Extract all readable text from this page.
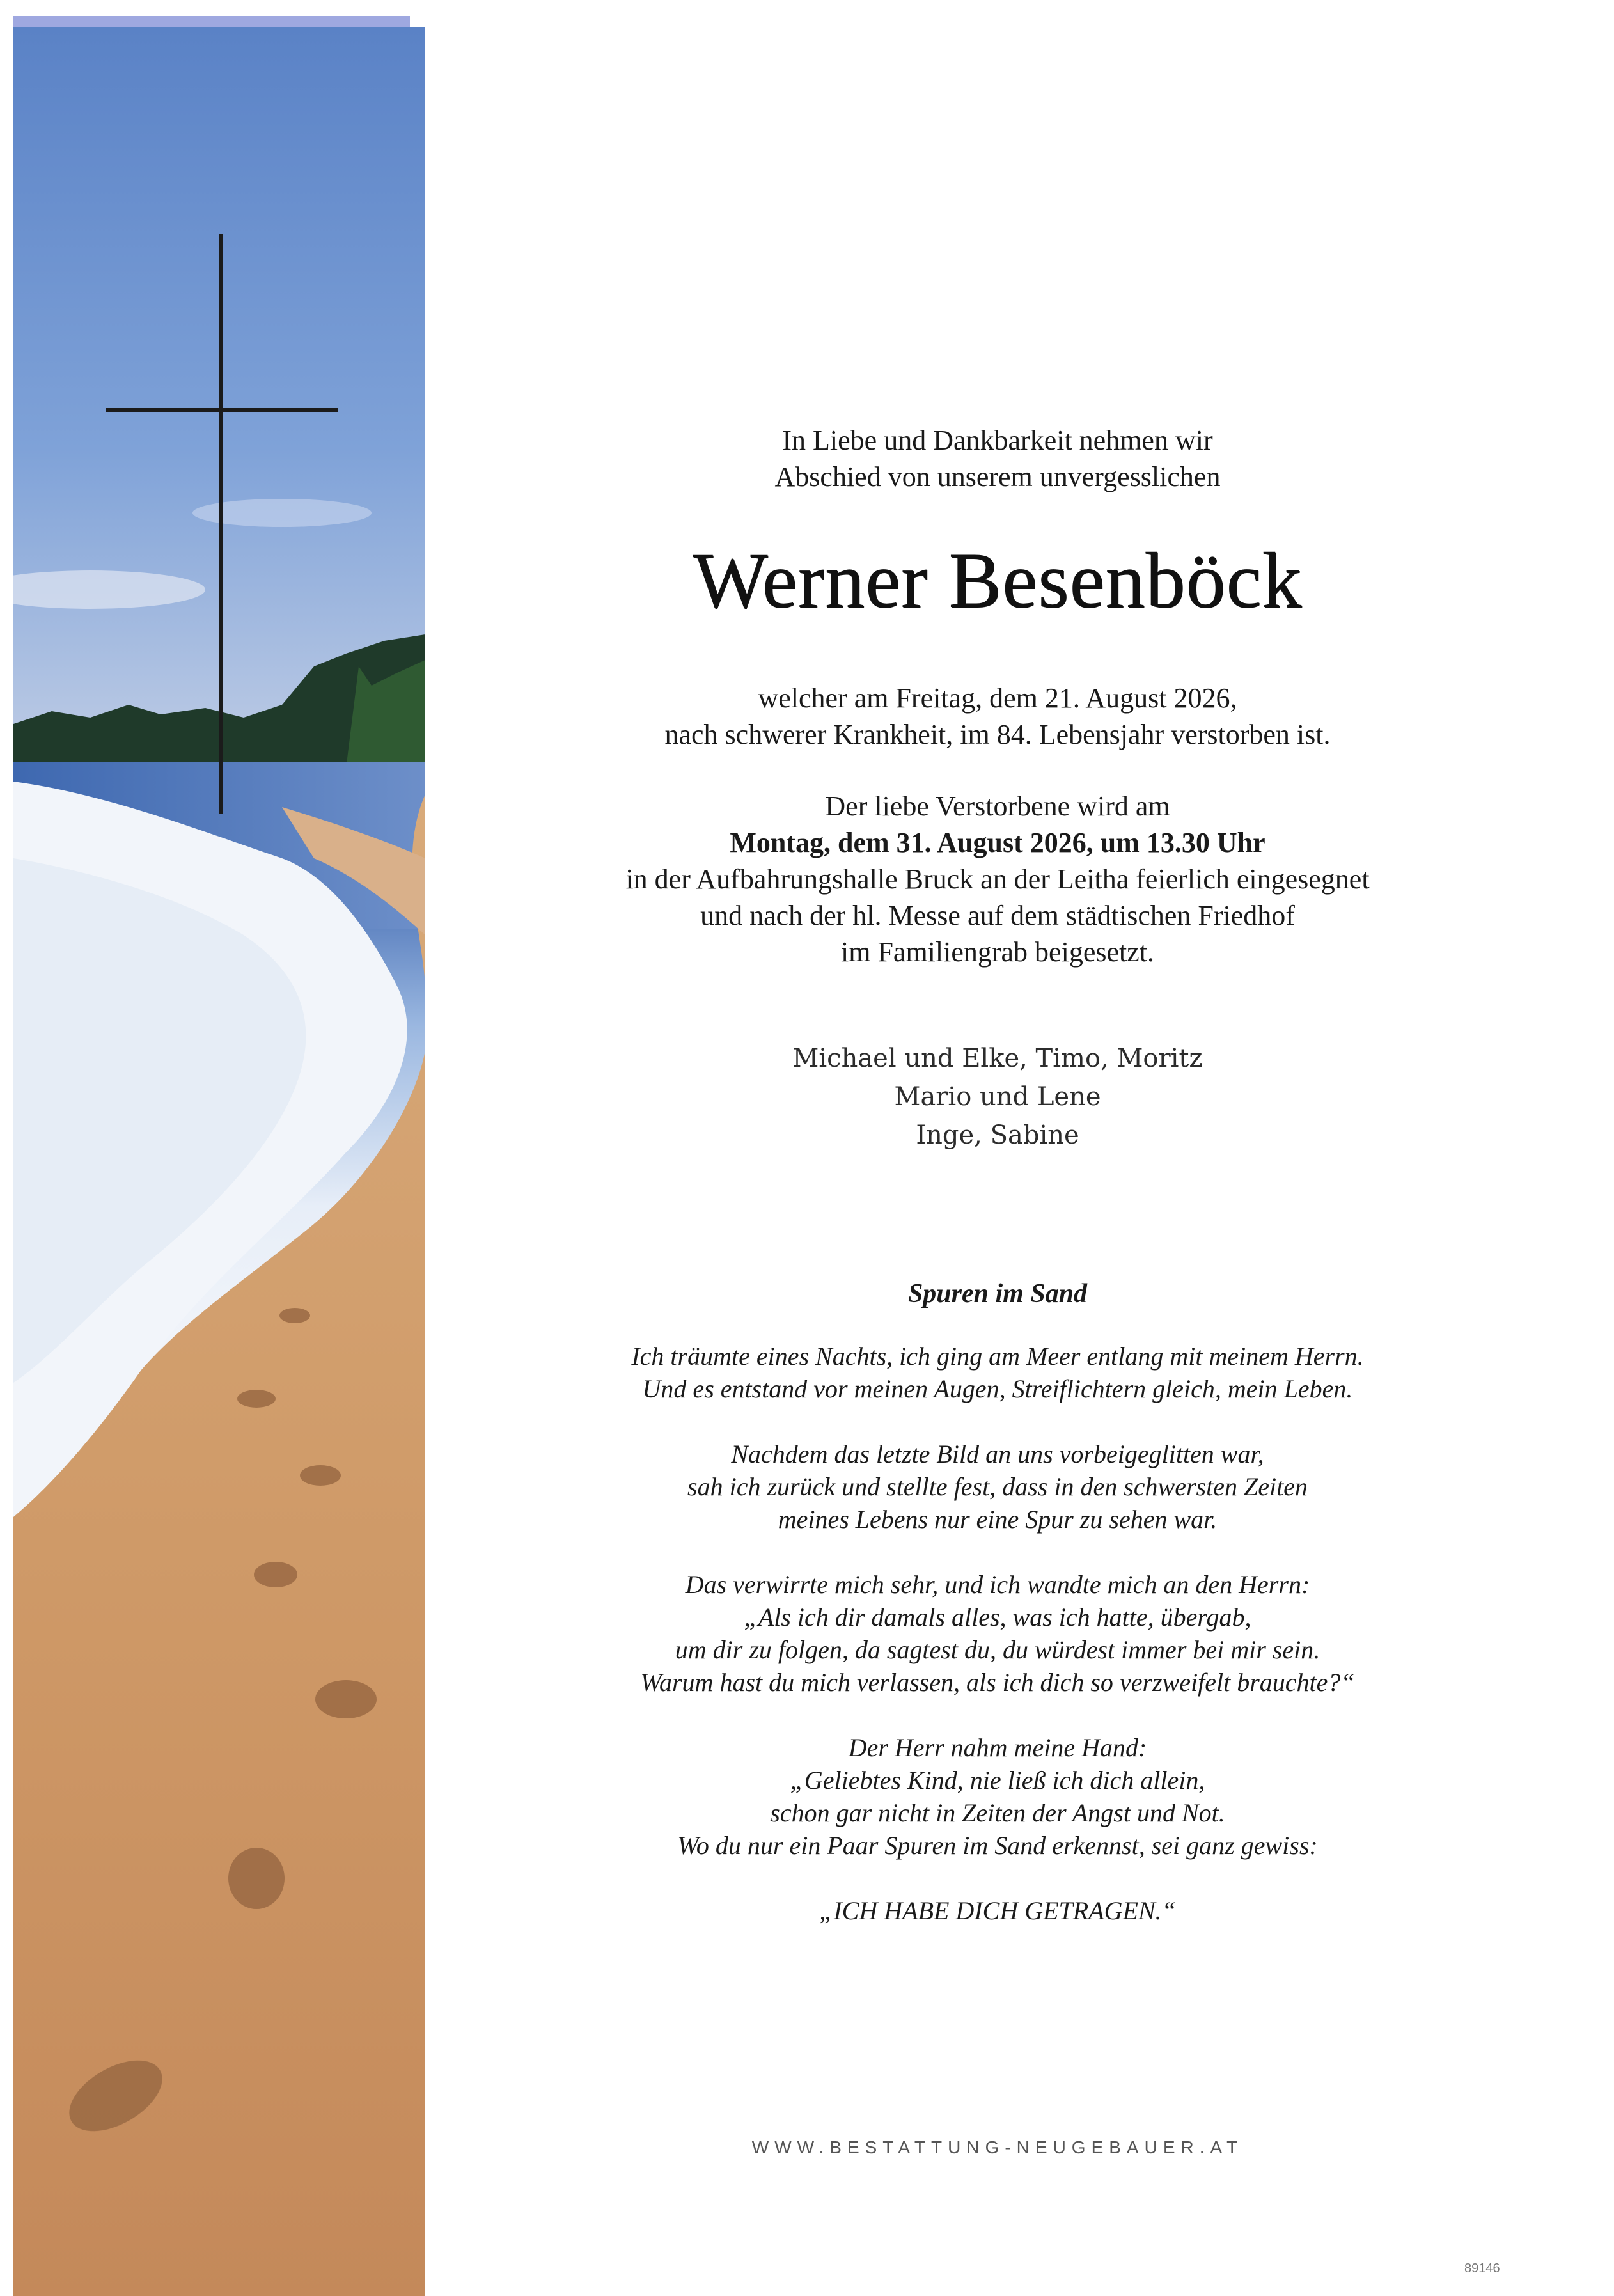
In Liebe und Dankbarkeit nehmen wir
Abschied von unserem unvergesslichen
Werner Besenböck
welcher am Freitag, dem 21. August 2026,
nach schwerer Krankheit, im 84. Lebensjahr verstorben ist.
Der liebe Verstorbene wird am
Montag, dem 31. August 2026, um 13.30 Uhr
in der Aufbahrungshalle Bruck an der Leitha feierlich eingesegnet
und nach der hl. Messe auf dem städtischen Friedhof
im Familiengrab beigesetzt.
Michael und Elke, Timo, Moritz
Mario und Lene
Inge, Sabine
Spuren im Sand
Ich träumte eines Nachts, ich ging am Meer entlang mit meinem Herrn.
Und es entstand vor meinen Augen, Streiflichtern gleich, mein Leben.
Nachdem das letzte Bild an uns vorbeigeglitten war,
sah ich zurück und stellte fest, dass in den schwersten Zeiten
meines Lebens nur eine Spur zu sehen war.
Das verwirrte mich sehr, und ich wandte mich an den Herrn:
„Als ich dir damals alles, was ich hatte, übergab,
um dir zu folgen, da sagtest du, du würdest immer bei mir sein.
Warum hast du mich verlassen, als ich dich so verzweifelt brauchte?“
Der Herr nahm meine Hand:
„Geliebtes Kind, nie ließ ich dich allein,
schon gar nicht in Zeiten der Angst und Not.
Wo du nur ein Paar Spuren im Sand erkennst, sei ganz gewiss:
„ICH HABE DICH GETRAGEN.“
WWW.BESTATTUNG-NEUGEBAUER.AT
89146
